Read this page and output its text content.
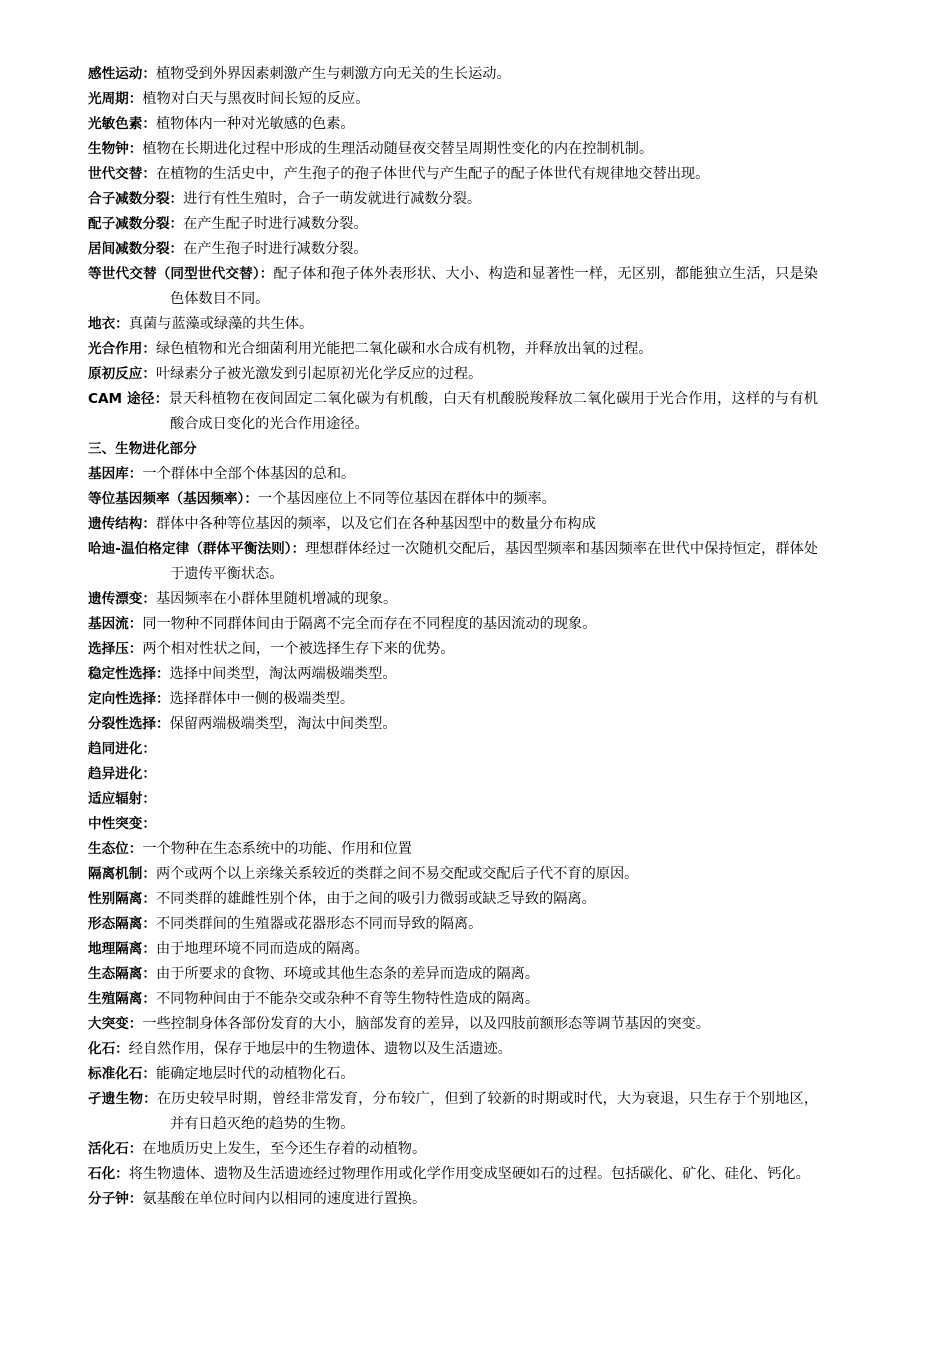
感性运动：植物受到外界因素刺激产生与刺激方向无关的生长运动。

光周期：植物对白天与黑夜时间长短的反应。

光敏色素：植物体内一种对光敏感的色素。

生物钟：植物在长期进化过程中形成的生理活动随昼夜交替呈周期性变化的内在控制机制。

世代交替：在植物的生活史中，产生孢子的孢子体世代与产生配子的配子体世代有规律地交替出现。

合子减数分裂：进行有性生殖时，合子一萌发就进行减数分裂。

配子减数分裂：在产生配子时进行减数分裂。

居间减数分裂：在产生孢子时进行减数分裂。

等世代交替（同型世代交替）：配子体和孢子体外表形状、大小、构造和显著性一样，无区别，都能独立生活，只是染色体数目不同。

地衣：真菌与蓝藻或绿藻的共生体。

光合作用：绿色植物和光合细菌利用光能把二氧化碳和水合成有机物，并释放出氧的过程。

原初反应：叶绿素分子被光激发到引起原初光化学反应的过程。

CAM 途径：景天科植物在夜间固定二氧化碳为有机酸，白天有机酸脱羧释放二氧化碳用于光合作用，这样的与有机酸合成日变化的光合作用途径。

三、生物进化部分

基因库：一个群体中全部个体基因的总和。

等位基因频率（基因频率）：一个基因座位上不同等位基因在群体中的频率。

遗传结构：群体中各种等位基因的频率，以及它们在各种基因型中的数量分布构成

哈迪-温伯格定律（群体平衡法则）：理想群体经过一次随机交配后，基因型频率和基因频率在世代中保持恒定，群体处于遗传平衡状态。

遗传漂变：基因频率在小群体里随机增减的现象。

基因流：同一物种不同群体间由于隔离不完全而存在不同程度的基因流动的现象。

选择压：两个相对性状之间，一个被选择生存下来的优势。

稳定性选择：选择中间类型，淘汰两端极端类型。

定向性选择：选择群体中一侧的极端类型。

分裂性选择：保留两端极端类型，淘汰中间类型。

趋同进化：

趋异进化：

适应辐射：

中性突变：

生态位：一个物种在生态系统中的功能、作用和位置

隔离机制：两个或两个以上亲缘关系较近的类群之间不易交配或交配后子代不育的原因。

性别隔离：不同类群的雄雌性别个体，由于之间的吸引力微弱或缺乏导致的隔离。

形态隔离：不同类群间的生殖器或花器形态不同而导致的隔离。

地理隔离：由于地理环境不同而造成的隔离。

生态隔离：由于所要求的食物、环境或其他生态条的差异而造成的隔离。

生殖隔离：不同物种间由于不能杂交或杂种不育等生物特性造成的隔离。

大突变：一些控制身体各部份发育的大小，脑部发育的差异，以及四肢前额形态等调节基因的突变。

化石：经自然作用，保存于地层中的生物遗体、遗物以及生活遗迹。

标准化石：能确定地层时代的动植物化石。

孑遗生物：在历史较早时期，曾经非常发育，分布较广，但到了较新的时期或时代，大为衰退，只生存于个别地区，并有日趋灭绝的趋势的生物。

活化石：在地质历史上发生，至今还生存着的动植物。

石化：将生物遗体、遗物及生活遗迹经过物理作用或化学作用变成坚硬如石的过程。包括碳化、矿化、硅化、钙化。

分子钟：氨基酸在单位时间内以相同的速度进行置换。
